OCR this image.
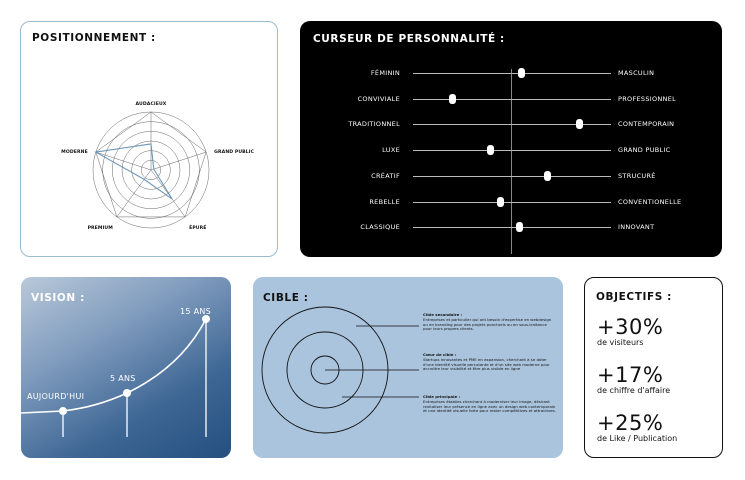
POSITIONNEMENT :
AUDACIEUX
GRAND PUBLIC
ÉPURÉ
PREMIUM
MODERNE
CURSEUR DE PERSONNALITÉ :
FÉMININ	MASCULIN
CONVIVIALE	PROFESSIONNEL
TRADITIONNEL	CONTEMPORAIN
LUXE	GRAND PUBLIC
CRÉATIF	STRUCURÉ
REBELLE	CONVENTIONELLE
CLASSIQUE	INNOVANT
VISION :
AUJOURD'HUI
5 ANS
15 ANS
CIBLE :
Cible secondaire :
Entreprises et particulier qui ont besoin d'expertise en webdesign ou en branding pour des projets ponctuels ou en sous-traitance pour leurs propres clients.
Cœur de cible :
Startups innovantes et PME en expansion, cherchant à se doter d'une identité visuelle percutante et d'un site web moderne pour accroître leur visibilité et être plus visible en ligne
Cible principale :
Entreprises établies cherchant à moderniser leur image, désirant revitaliser leur présence en ligne avec un design web contemporain et une identité visuelle forte pour rester compétitives et attractives.
OBJECTIFS :
+30%
de visiteurs
+17%
de chiffre d'affaire
+25%
de Like / Publication
